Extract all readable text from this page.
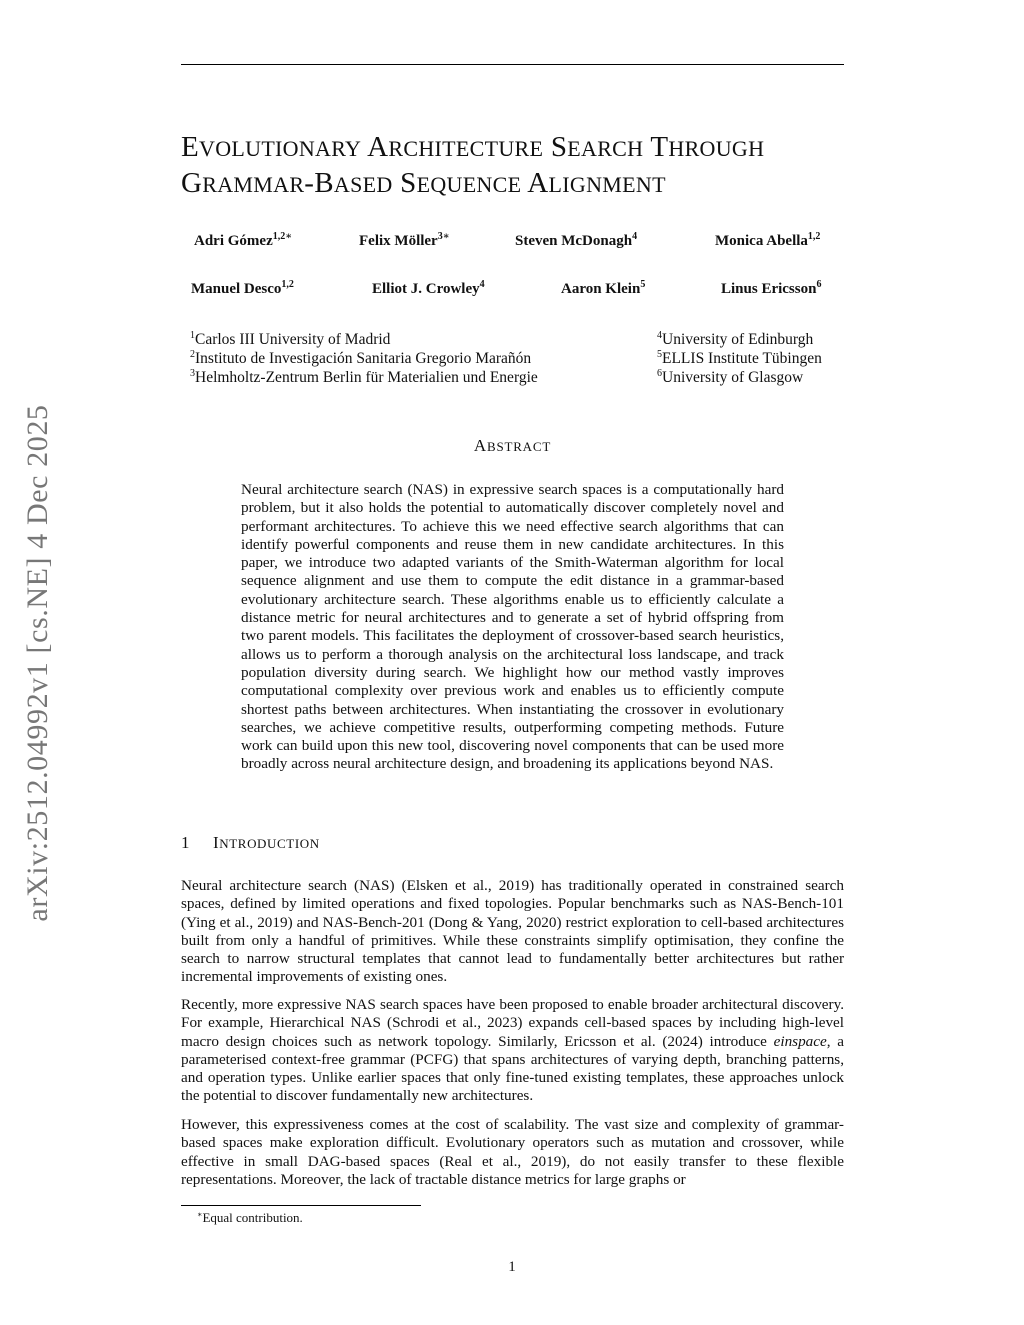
arXiv:2512.04992v1 [cs.NE] 4 Dec 2025
EVOLUTIONARY ARCHITECTURE SEARCH THROUGH
GRAMMAR-BASED SEQUENCE ALIGNMENT
Adri Gómez$^{1,2∗}$	Felix Möller$^{3∗}$	Steven McDonagh$^4$	Monica Abella$^{1,2}$
Manuel Desco$^{1,2}$	Elliot J. Crowley$^4$	Aaron Klein$^5$	Linus Ericsson$^6$
$^1$Carlos III University of Madrid
$^2$Instituto de Investigación Sanitaria Gregorio Marañón
$^3$Helmholtz-Zentrum Berlin für Materialien und Energie
$^4$University of Edinburgh
$^5$ELLIS Institute Tübingen
$^6$University of Glasgow
ABSTRACT
Neural architecture search (NAS) in expressive search spaces is a computationally hard problem, but it also holds the potential to automatically discover completely novel and performant architectures. To achieve this we need effective search algorithms that can identify powerful components and reuse them in new candidate architectures. In this paper, we introduce two adapted variants of the Smith-Waterman algorithm for local sequence alignment and use them to compute the edit distance in a grammar-based evolutionary architecture search. These algorithms enable us to efficiently calculate a distance metric for neural architectures and to generate a set of hybrid offspring from two parent models. This facilitates the deployment of crossover-based search heuristics, allows us to perform a thorough analysis on the architectural loss landscape, and track population diversity during search. We highlight how our method vastly improves computational complexity over previous work and enables us to efficiently compute shortest paths between architectures. When instantiating the crossover in evolutionary searches, we achieve competitive results, outperforming competing methods. Future work can build upon this new tool, discovering novel components that can be used more broadly across neural architecture design, and broadening its applications beyond NAS.
1 INTRODUCTION
Neural architecture search (NAS) (Elsken et al., 2019) has traditionally operated in constrained search spaces, defined by limited operations and fixed topologies. Popular benchmarks such as NAS-Bench-101 (Ying et al., 2019) and NAS-Bench-201 (Dong & Yang, 2020) restrict exploration to cell-based architectures built from only a handful of primitives. While these constraints simplify optimisation, they confine the search to narrow structural templates that cannot lead to fundamentally better architectures but rather incremental improvements of existing ones.
Recently, more expressive NAS search spaces have been proposed to enable broader architectural discovery. For example, Hierarchical NAS (Schrodi et al., 2023) expands cell-based spaces by including high-level macro design choices such as network topology. Similarly, Ericsson et al. (2024) introduce einspace, a parameterised context-free grammar (PCFG) that spans architectures of varying depth, branching patterns, and operation types. Unlike earlier spaces that only fine-tuned existing templates, these approaches unlock the potential to discover fundamentally new architectures.
However, this expressiveness comes at the cost of scalability. The vast size and complexity of grammar-based spaces make exploration difficult. Evolutionary operators such as mutation and crossover, while effective in small DAG-based spaces (Real et al., 2019), do not easily transfer to these flexible representations. Moreover, the lack of tractable distance metrics for large graphs or
∗Equal contribution.
1
